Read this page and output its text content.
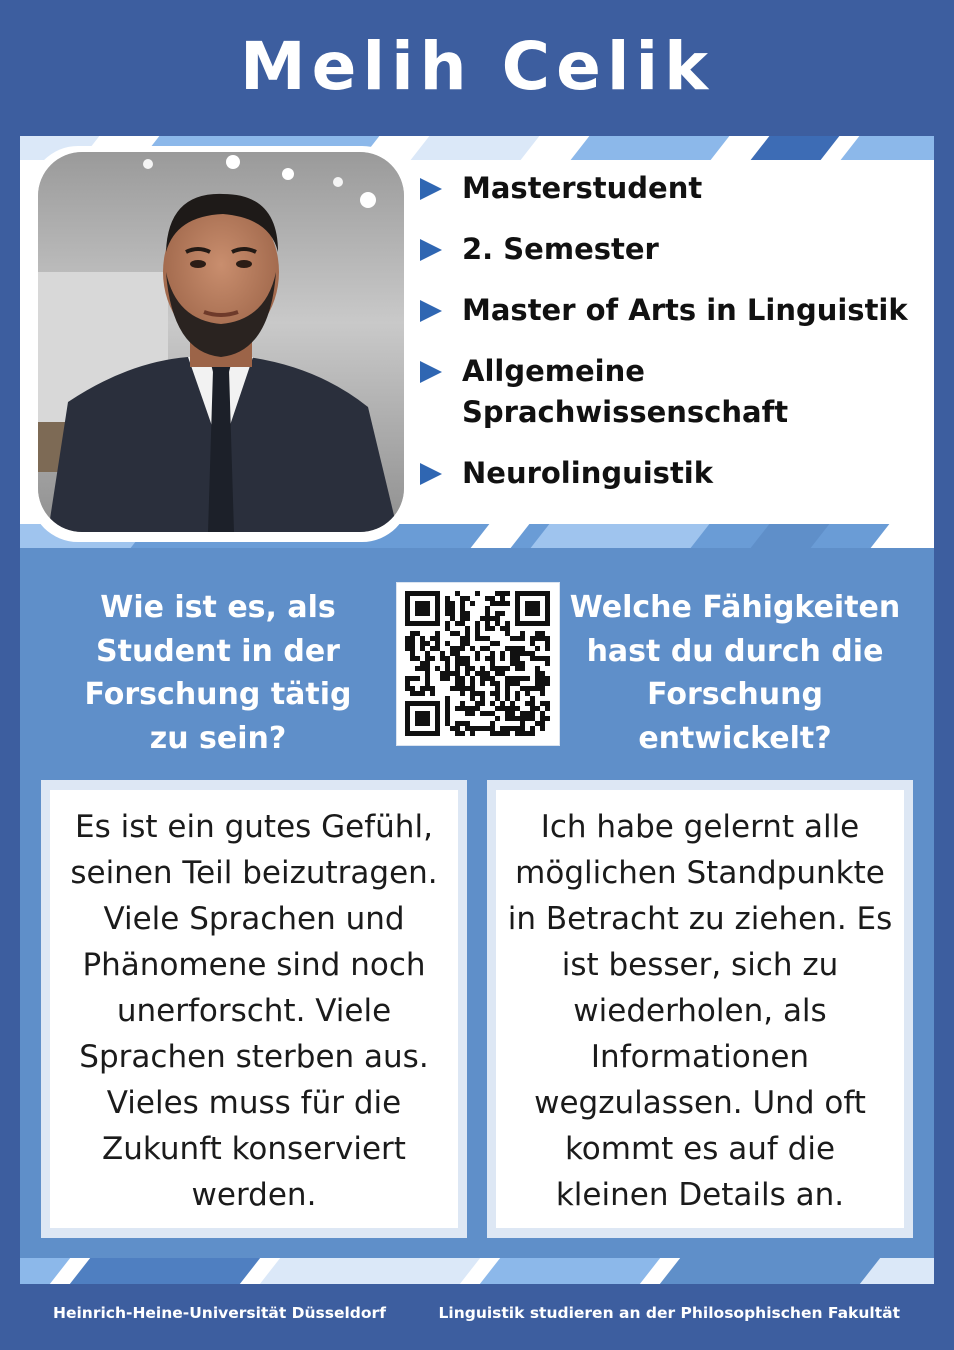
Melih Celik
Masterstudent
2. Semester
Master of Arts in Linguistik
Allgemeine Sprachwissenschaft
Neurolinguistik
Wie ist es, als Student in der Forschung tätig zu sein?
Welche Fähigkeiten hast du durch die Forschung entwickelt?
Es ist ein gutes Gefühl, seinen Teil beizutragen. Viele Sprachen und Phänomene sind noch unerforscht. Viele Sprachen sterben aus. Vieles muss für die Zukunft konserviert werden.
Ich habe gelernt alle möglichen Standpunkte in Betracht zu ziehen. Es ist besser, sich zu wiederholen, als Informationen wegzulassen. Und oft kommt es auf die kleinen Details an.
Heinrich-Heine-Universität Düsseldorf	Linguistik studieren an der Philosophischen Fakultät
